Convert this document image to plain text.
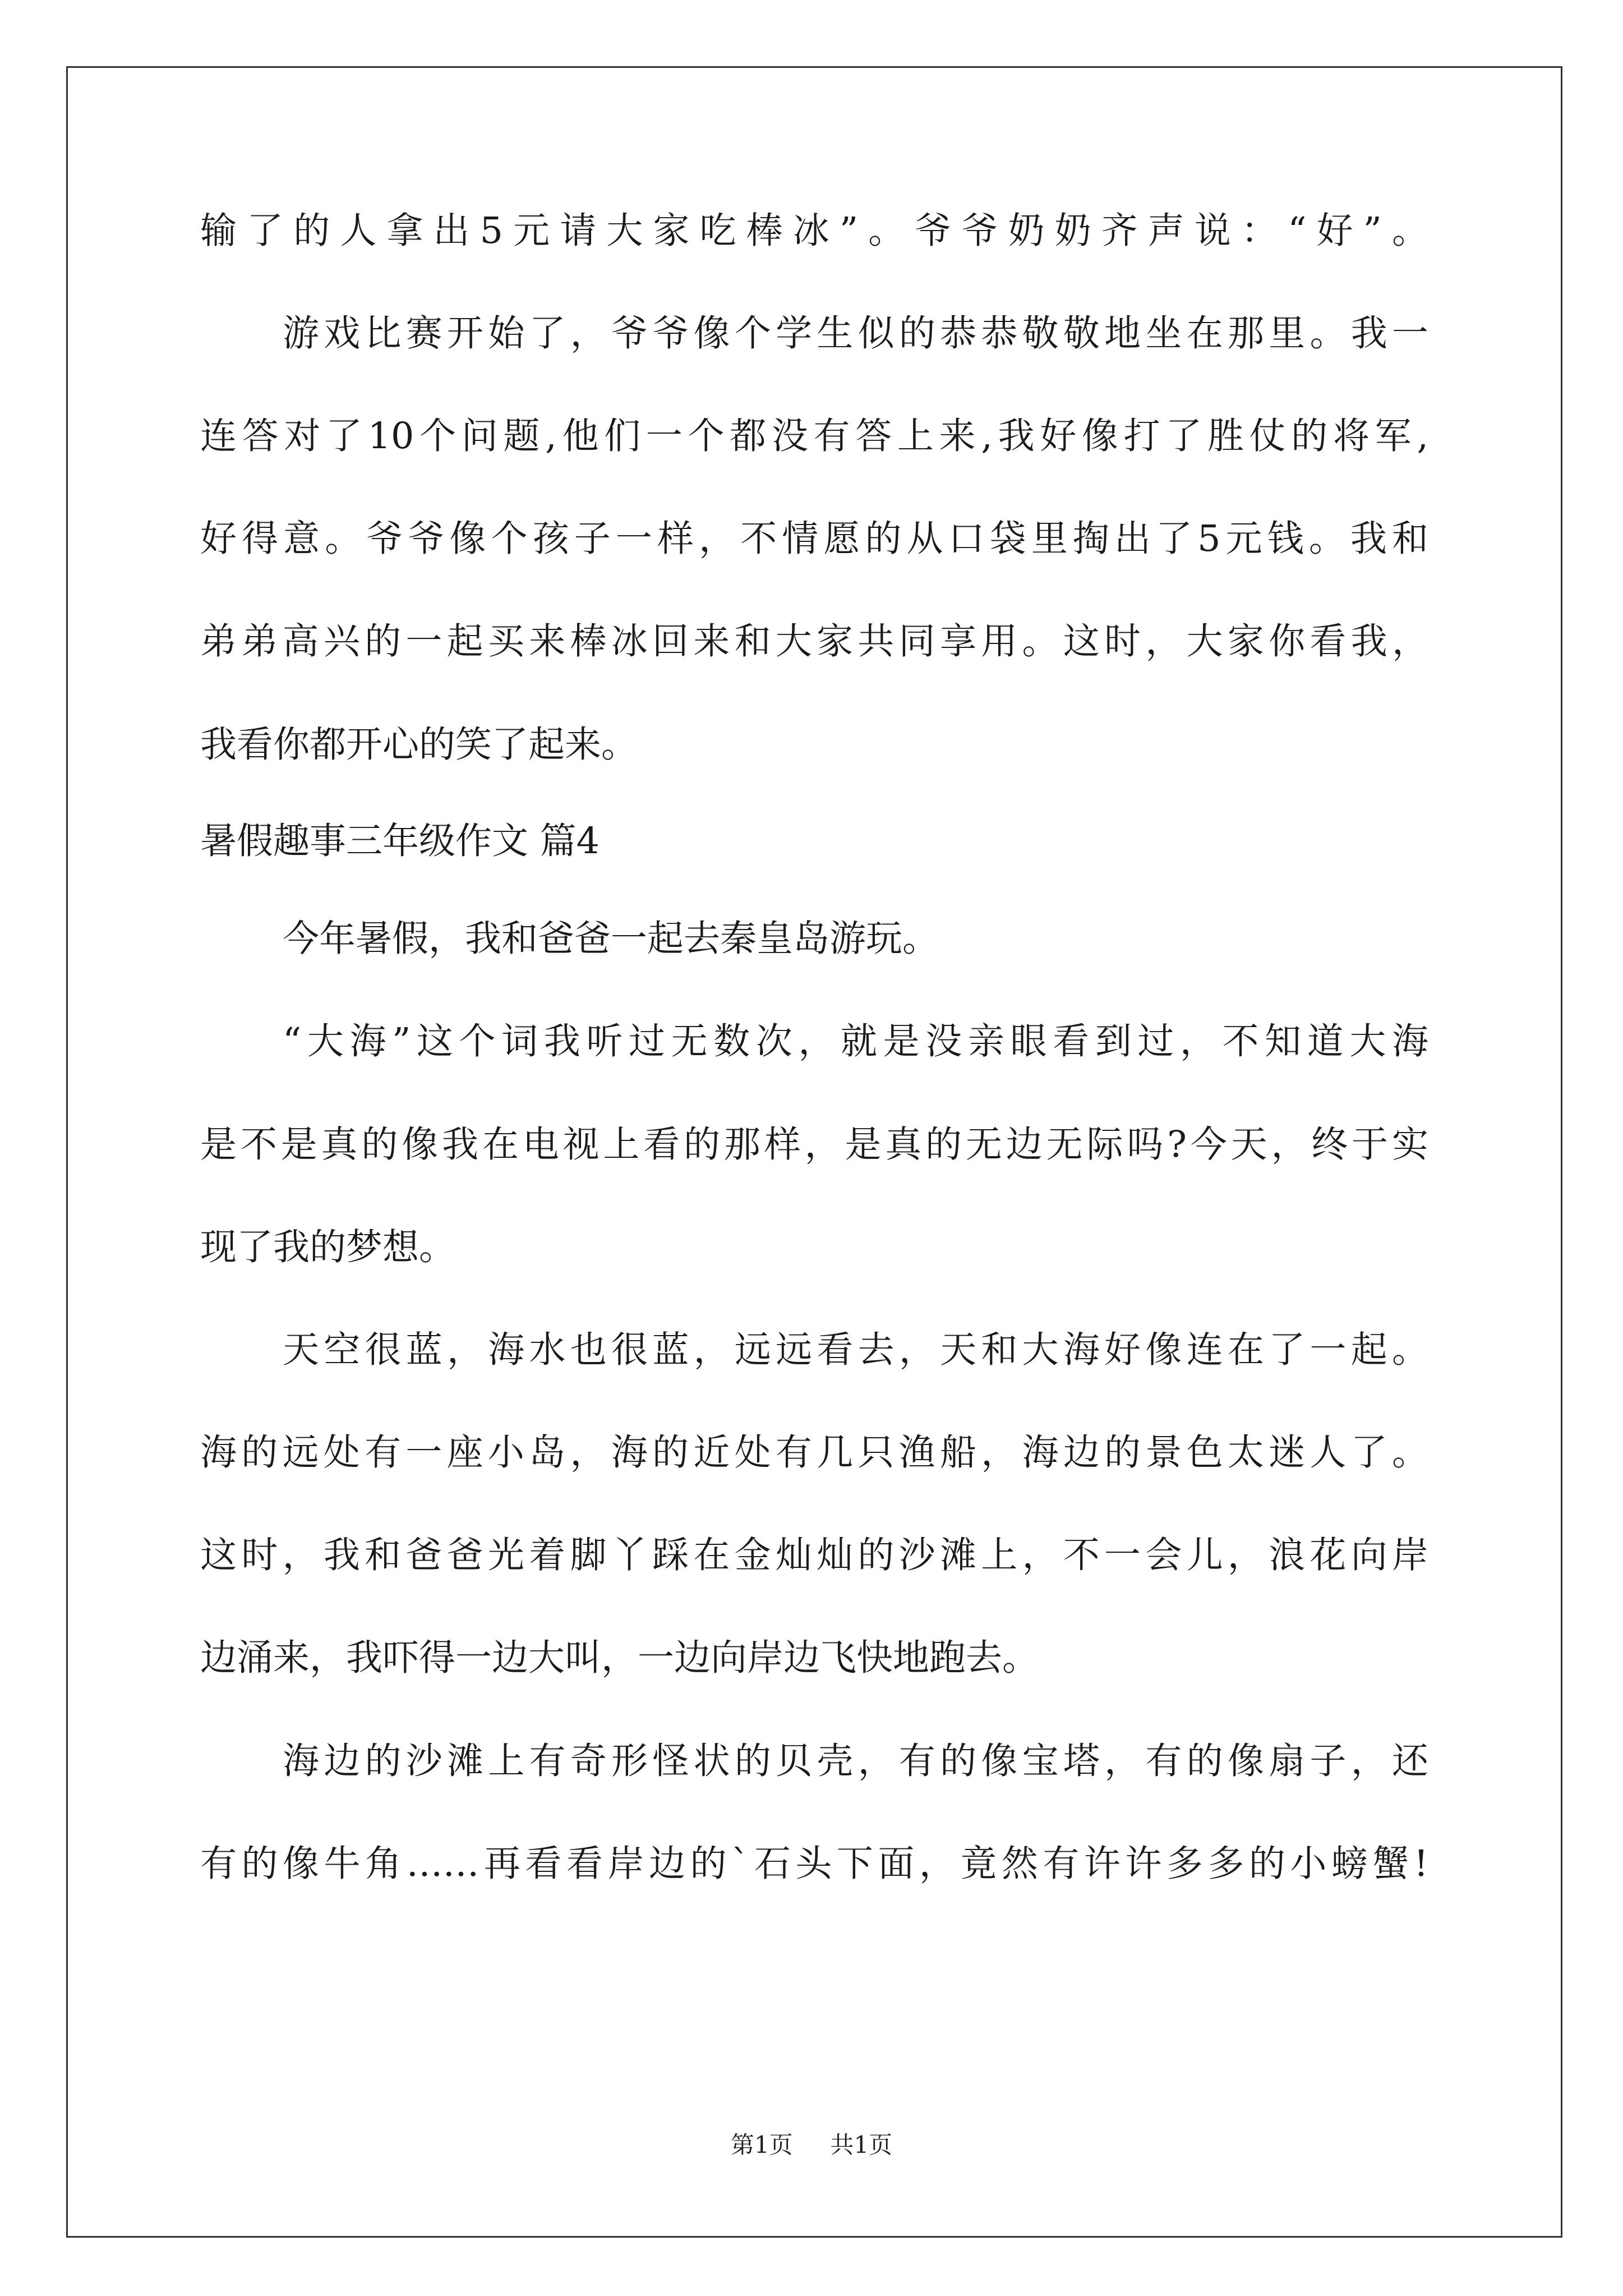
输了的人拿出5元请大家吃棒冰”。爷爷奶奶齐声说：“好”。
游戏比赛开始了，爷爷像个学生似的恭恭敬敬地坐在那里。我一
连答对了10个问题,他们一个都没有答上来,我好像打了胜仗的将军,
好得意。爷爷像个孩子一样，不情愿的从口袋里掏出了5元钱。我和
弟弟高兴的一起买来棒冰回来和大家共同享用。这时，大家你看我，
我看你都开心的笑了起来。
暑假趣事三年级作文 篇4
今年暑假，我和爸爸一起去秦皇岛游玩。
“大海”这个词我听过无数次，就是没亲眼看到过，不知道大海
是不是真的像我在电视上看的那样，是真的无边无际吗?今天，终于实
现了我的梦想。
天空很蓝，海水也很蓝，远远看去，天和大海好像连在了一起。
海的远处有一座小岛，海的近处有几只渔船，海边的景色太迷人了。
这时，我和爸爸光着脚丫踩在金灿灿的沙滩上，不一会儿，浪花向岸
边涌来，我吓得一边大叫，一边向岸边飞快地跑去。
海边的沙滩上有奇形怪状的贝壳，有的像宝塔，有的像扇子，还
有的像牛角……再看看岸边的`石头下面，竟然有许许多多的小螃蟹!
第1页 共1页
